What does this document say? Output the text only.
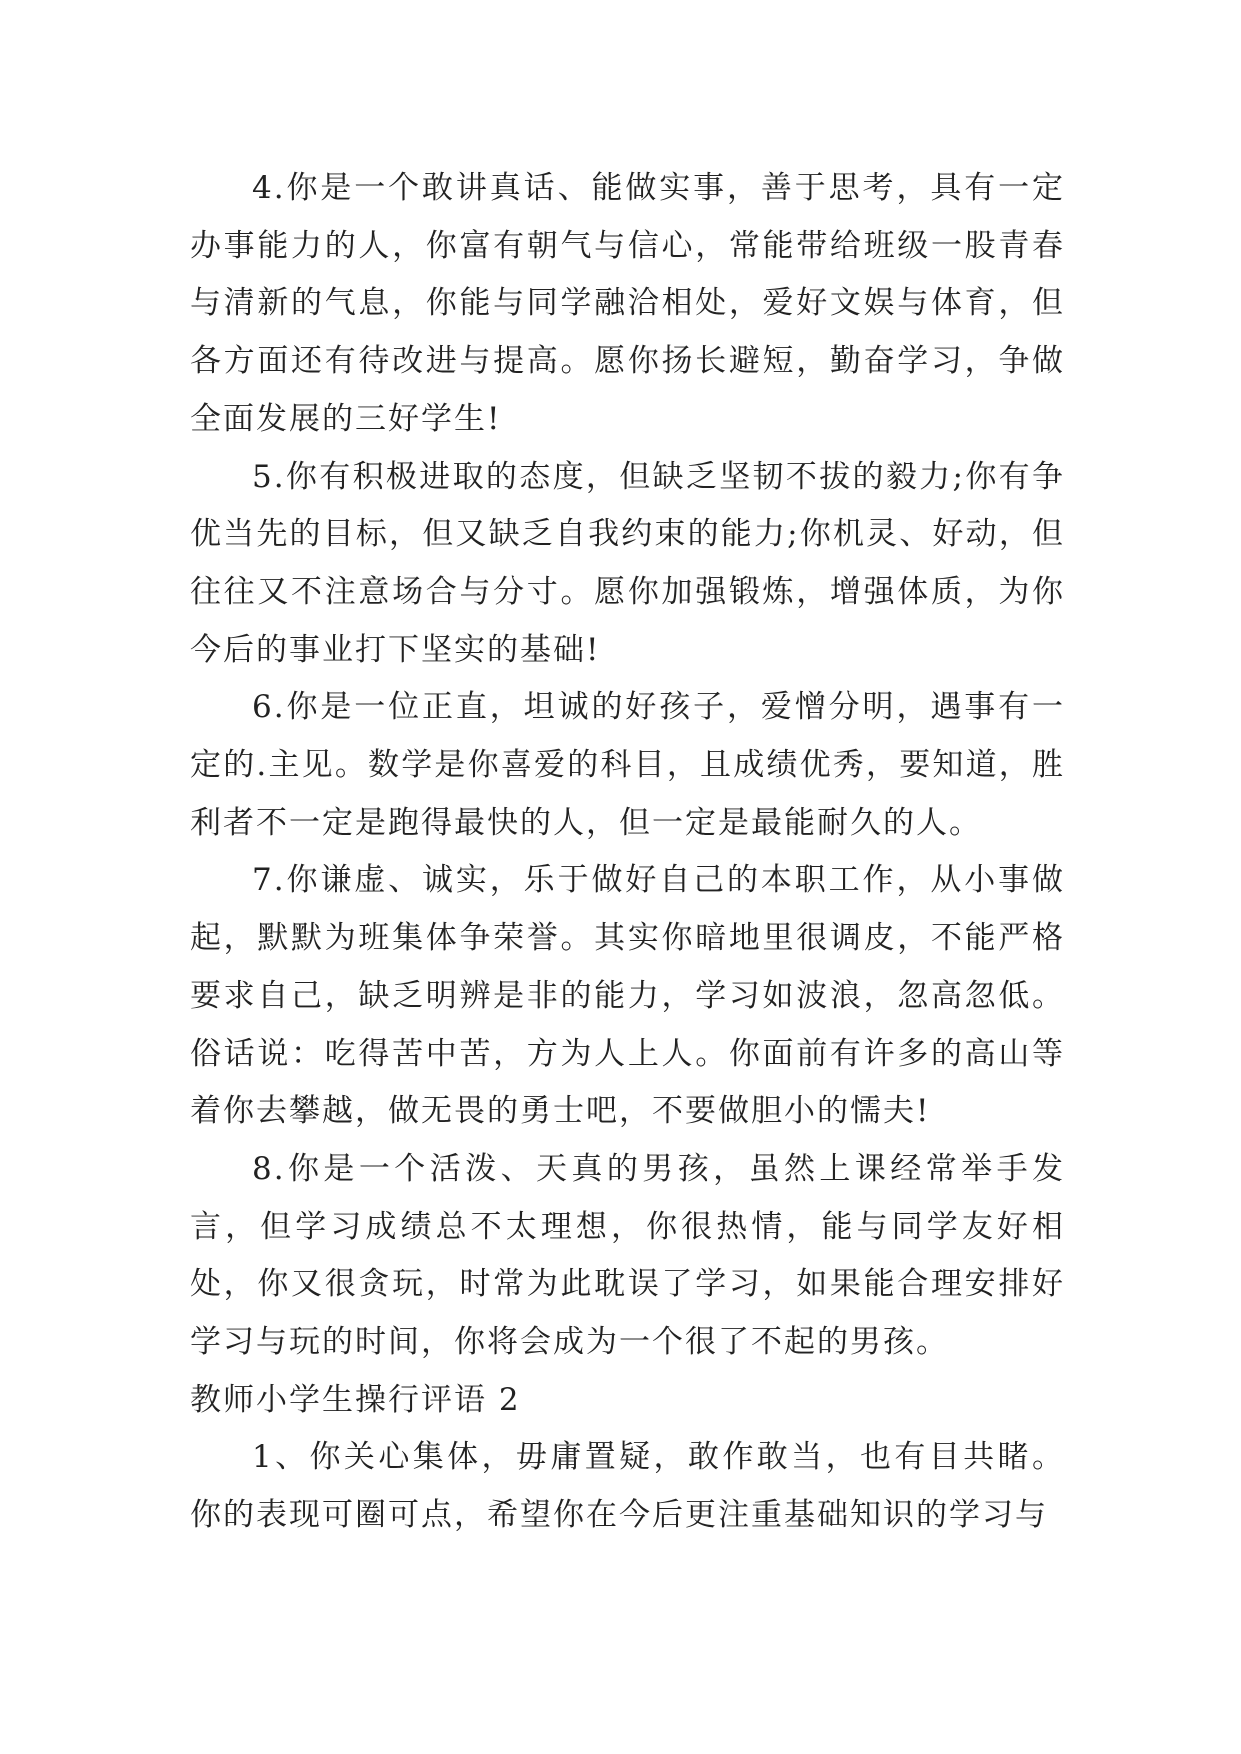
4.你是一个敢讲真话、能做实事，善于思考，具有一定办事能力的人，你富有朝气与信心，常能带给班级一股青春与清新的气息，你能与同学融洽相处，爱好文娱与体育，但各方面还有待改进与提高。愿你扬长避短，勤奋学习，争做全面发展的三好学生!

5.你有积极进取的态度，但缺乏坚韧不拔的毅力;你有争优当先的目标，但又缺乏自我约束的能力;你机灵、好动，但往往又不注意场合与分寸。愿你加强锻炼，增强体质，为你今后的事业打下坚实的基础!

6.你是一位正直，坦诚的好孩子，爱憎分明，遇事有一定的.主见。数学是你喜爱的科目，且成绩优秀，要知道，胜利者不一定是跑得最快的人，但一定是最能耐久的人。

7.你谦虚、诚实，乐于做好自己的本职工作，从小事做起，默默为班集体争荣誉。其实你暗地里很调皮，不能严格要求自己，缺乏明辨是非的能力，学习如波浪，忽高忽低。俗话说：吃得苦中苦，方为人上人。你面前有许多的高山等着你去攀越，做无畏的勇士吧，不要做胆小的懦夫!

8.你是一个活泼、天真的男孩，虽然上课经常举手发言，但学习成绩总不太理想，你很热情，能与同学友好相处，你又很贪玩，时常为此耽误了学习，如果能合理安排好学习与玩的时间，你将会成为一个很了不起的男孩。

教师小学生操行评语 2

1、你关心集体，毋庸置疑，敢作敢当，也有目共睹。你的表现可圈可点，希望你在今后更注重基础知识的学习与
